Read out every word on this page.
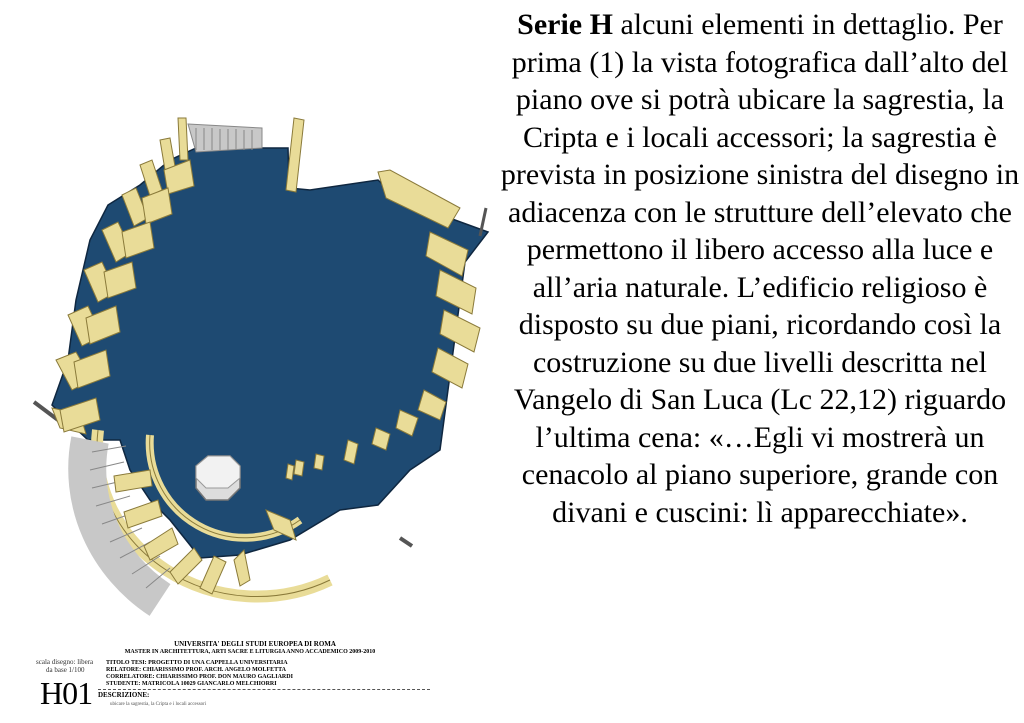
Serie H alcuni elementi in dettaglio. Per prima (1) la vista fotografica dall’alto del piano ove si potrà ubicare la sagrestia, la Cripta e i locali accessori; la sagrestia è prevista in posizione sinistra del disegno in adiacenza con le strutture dell’elevato che permettono il libero accesso alla luce e all’aria naturale. L’edificio religioso è disposto su due piani, ricordando così la costruzione su due livelli descritta nel Vangelo di San Luca (Lc 22,12) riguardo l’ultima cena: «…Egli vi mostrerà un cenacolo al piano superiore, grande con divani e cuscini: lì apparecchiate».
UNIVERSITA' DEGLI STUDI EUROPEA DI ROMA
MASTER IN ARCHITETTURA, ARTI SACRE E LITURGIA ANNO ACCADEMICO 2009-2010
scala disegno: libera
da base 1/100
H01
TITOLO TESI: PROGETTO DI UNA CAPPELLA UNIVERSITARIA
RELATORE: CHIARISSIMO PROF. ARCH. ANGELO MOLFETTA
CORRELATORE: CHIARISSIMO PROF. DON MAURO GAGLIARDI
STUDENTE: MATRICOLA 10029 GIANCARLO MELCHIORRI
DESCRIZIONE:
ubicare la sagrestia, la Cripta e i locali accessori
